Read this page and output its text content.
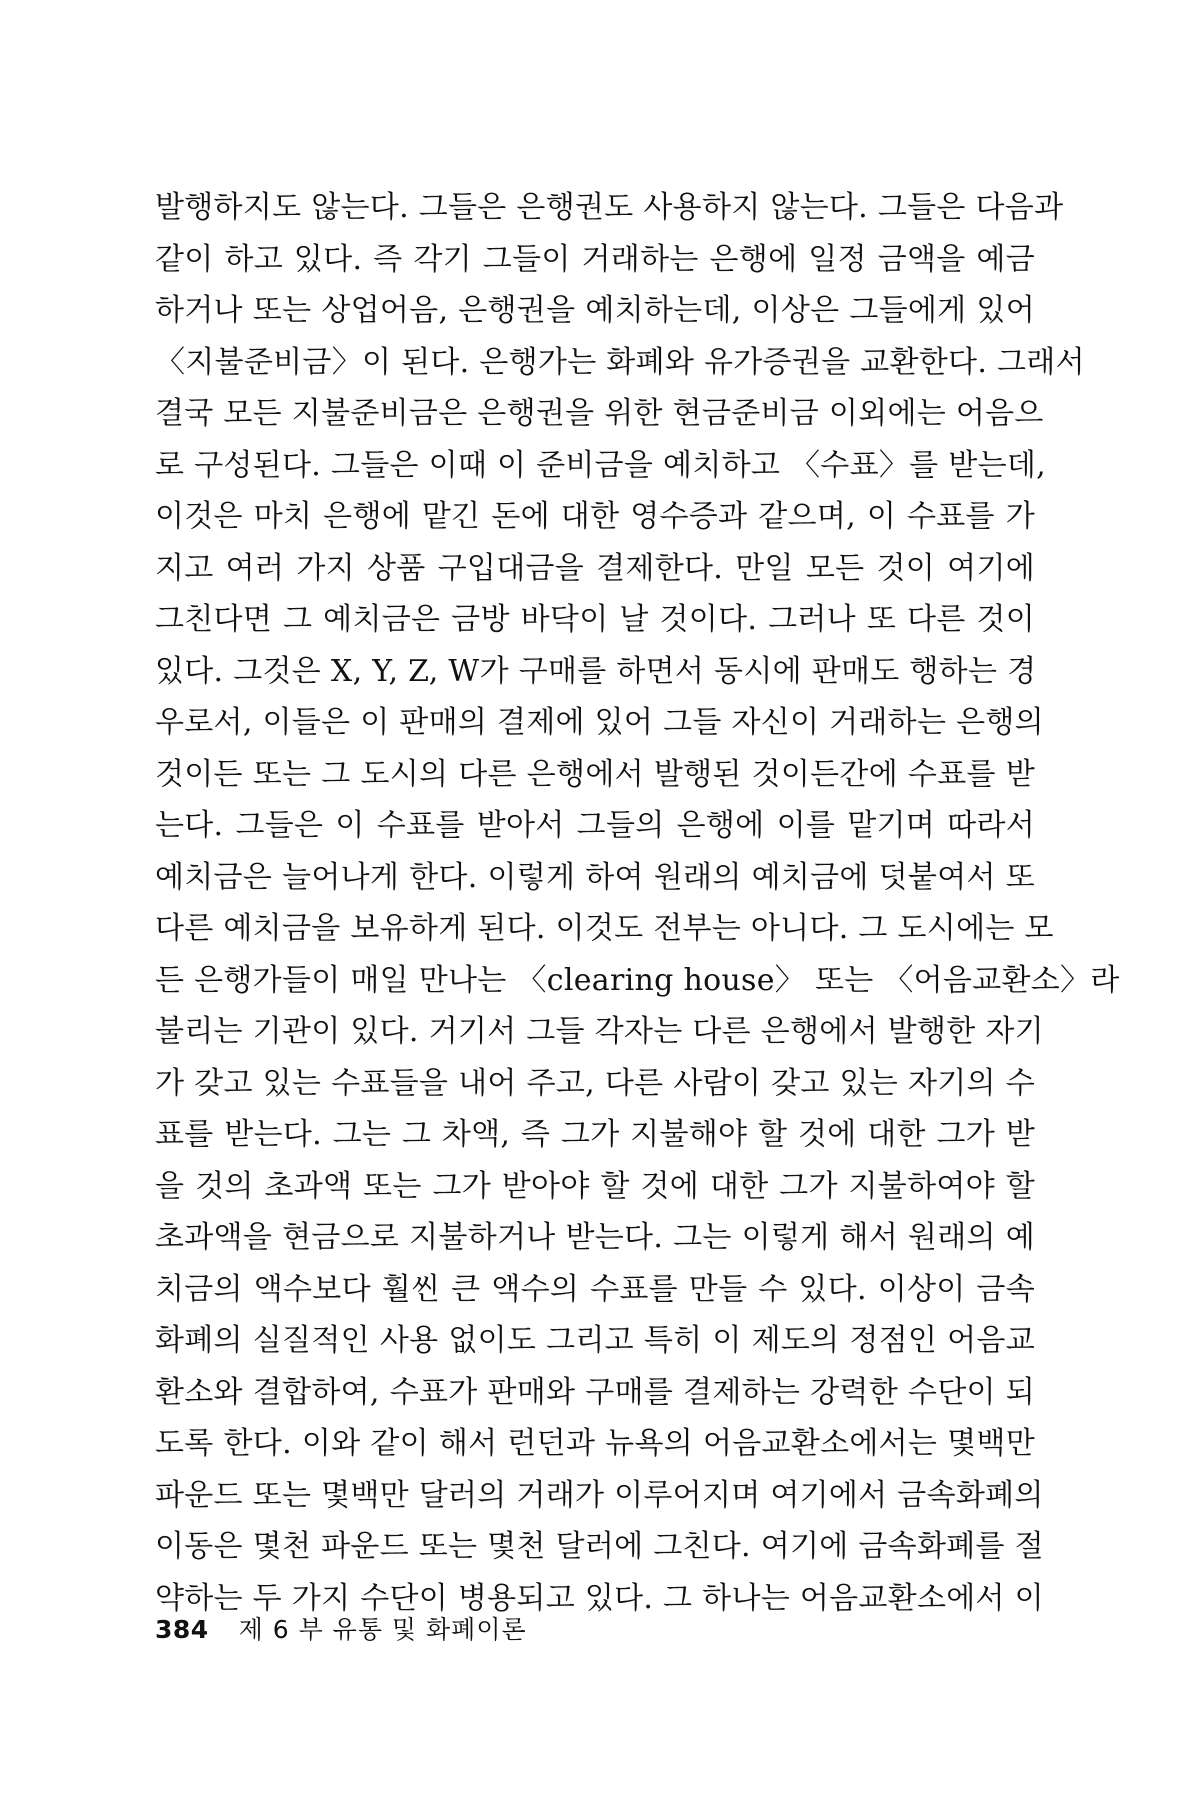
발행하지도 않는다. 그들은 은행권도 사용하지 않는다. 그들은 다음과
같이 하고 있다. 즉 각기 그들이 거래하는 은행에 일정 금액을 예금
하거나 또는 상업어음, 은행권을 예치하는데, 이상은 그들에게 있어
〈지불준비금〉이 된다. 은행가는 화폐와 유가증권을 교환한다. 그래서
결국 모든 지불준비금은 은행권을 위한 현금준비금 이외에는 어음으
로 구성된다. 그들은 이때 이 준비금을 예치하고 〈수표〉를 받는데,
이것은 마치 은행에 맡긴 돈에 대한 영수증과 같으며, 이 수표를 가
지고 여러 가지 상품 구입대금을 결제한다. 만일 모든 것이 여기에
그친다면 그 예치금은 금방 바닥이 날 것이다. 그러나 또 다른 것이
있다. 그것은 X, Y, Z, W가 구매를 하면서 동시에 판매도 행하는 경
우로서, 이들은 이 판매의 결제에 있어 그들 자신이 거래하는 은행의
것이든 또는 그 도시의 다른 은행에서 발행된 것이든간에 수표를 받
는다. 그들은 이 수표를 받아서 그들의 은행에 이를 맡기며 따라서
예치금은 늘어나게 한다. 이렇게 하여 원래의 예치금에 덧붙여서 또
다른 예치금을 보유하게 된다. 이것도 전부는 아니다. 그 도시에는 모
든 은행가들이 매일 만나는 〈clearing house〉 또는 〈어음교환소〉라
불리는 기관이 있다. 거기서 그들 각자는 다른 은행에서 발행한 자기
가 갖고 있는 수표들을 내어 주고, 다른 사람이 갖고 있는 자기의 수
표를 받는다. 그는 그 차액, 즉 그가 지불해야 할 것에 대한 그가 받
을 것의 초과액 또는 그가 받아야 할 것에 대한 그가 지불하여야 할
초과액을 현금으로 지불하거나 받는다. 그는 이렇게 해서 원래의 예
치금의 액수보다 훨씬 큰 액수의 수표를 만들 수 있다. 이상이 금속
화폐의 실질적인 사용 없이도 그리고 특히 이 제도의 정점인 어음교
환소와 결합하여, 수표가 판매와 구매를 결제하는 강력한 수단이 되
도록 한다. 이와 같이 해서 런던과 뉴욕의 어음교환소에서는 몇백만
파운드 또는 몇백만 달러의 거래가 이루어지며 여기에서 금속화폐의
이동은 몇천 파운드 또는 몇천 달러에 그친다. 여기에 금속화폐를 절
약하는 두 가지 수단이 병용되고 있다. 그 하나는 어음교환소에서 이
384 제 6 부 유통 및 화폐이론
